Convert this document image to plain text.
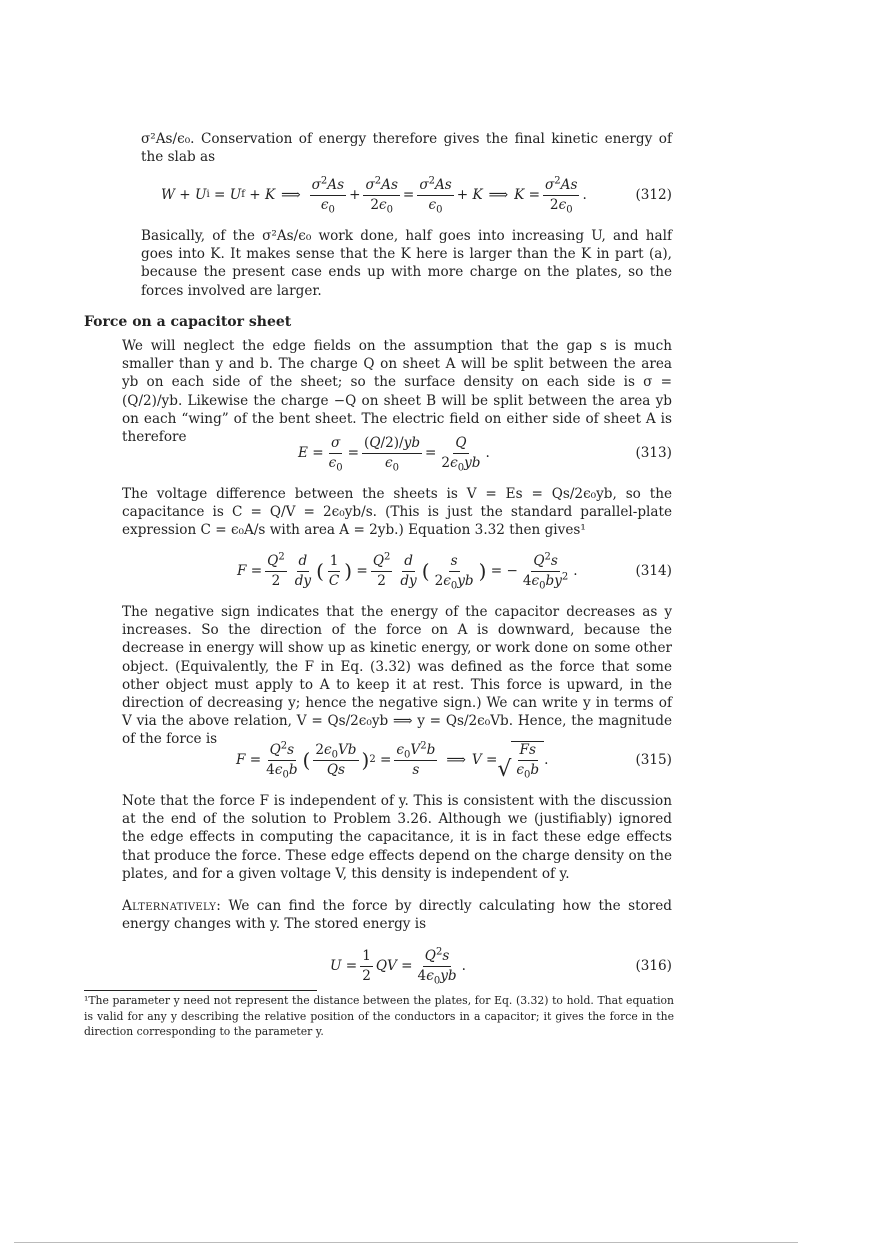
σ²As/ϵ₀. Conservation of energy therefore gives the final kinetic energy of the slab as

W + U i = U f + K ⟹ $\frac{\sigma^2As}{\epsilon_0} + \frac{\sigma^2As}{2\epsilon_0} = \frac{\sigma^2As}{\epsilon_0} + K$ ⟹ $K = \frac{\sigma^2As}{2\epsilon_0}$ .	(312)

Basically, of the σ²As/ϵ₀ work done, half goes into increasing U, and half goes into K. It makes sense that the K here is larger than the K in part (a), because the present case ends up with more charge on the plates, so the forces involved are larger.

Force on a capacitor sheet

We will neglect the edge fields on the assumption that the gap s is much smaller than y and b. The charge Q on sheet A will be split between the area yb on each side of the sheet; so the surface density on each side is σ = (Q/2)/yb. Likewise the charge −Q on sheet B will be split between the area yb on each “wing” of the bent sheet. The electric field on either side of sheet A is therefore

$E = \frac{\sigma}{\epsilon_0} = \frac{(Q/2)/yb}{\epsilon_0} = \frac{Q}{2\epsilon_0yb}$ .	(313)

The voltage difference between the sheets is V = Es = Qs/2ϵ₀yb, so the capacitance is C = Q/V = 2ϵ₀yb/s. (This is just the standard parallel-plate expression C = ϵ₀A/s with area A = 2yb.) Equation 3.32 then gives¹

$F = \frac{Q^2}{2} \frac{d}{dy}$ ( $\frac{1}{C}$ ) = $\frac{Q^2}{2} \frac{d}{dy}$ ( $\frac{s}{2\epsilon_0yb}$ ) = − $\frac{Q^2s}{4\epsilon_0by^2}$ .	(314)

The negative sign indicates that the energy of the capacitor decreases as y increases. So the direction of the force on A is downward, because the decrease in energy will show up as kinetic energy, or work done on some other object. (Equivalently, the F in Eq. (3.32) was defined as the force that some other object must apply to A to keep it at rest. This force is upward, in the direction of decreasing y; hence the negative sign.) We can write y in terms of V via the above relation, V = Qs/2ϵ₀yb ⟹ y = Qs/2ϵ₀Vb. Hence, the magnitude of the force is

$F = \frac{Q^2s}{4\epsilon_0b}$ ( $\frac{2\epsilon_0Vb}{Qs}$ ) $2 = \frac{\epsilon_0V^2b}{s}$ ⟹ V = √ $\frac{Fs}{\epsilon_0b}$ .	(315)

Note that the force F is independent of y. This is consistent with the discussion at the end of the solution to Problem 3.26. Although we (justifiably) ignored the edge effects in computing the capacitance, it is in fact these edge effects that produce the force. These edge effects depend on the charge density on the plates, and for a given voltage V, this density is independent of y.

Alternatively: We can find the force by directly calculating how the stored energy changes with y. The stored energy is

$U = \frac{1}{2}$ QV = $\frac{Q^2s}{4\epsilon_0yb}$ .	(316)
¹The parameter y need not represent the distance between the plates, for Eq. (3.32) to hold. That equation is valid for any y describing the relative position of the conductors in a capacitor; it gives the force in the direction corresponding to the parameter y.
